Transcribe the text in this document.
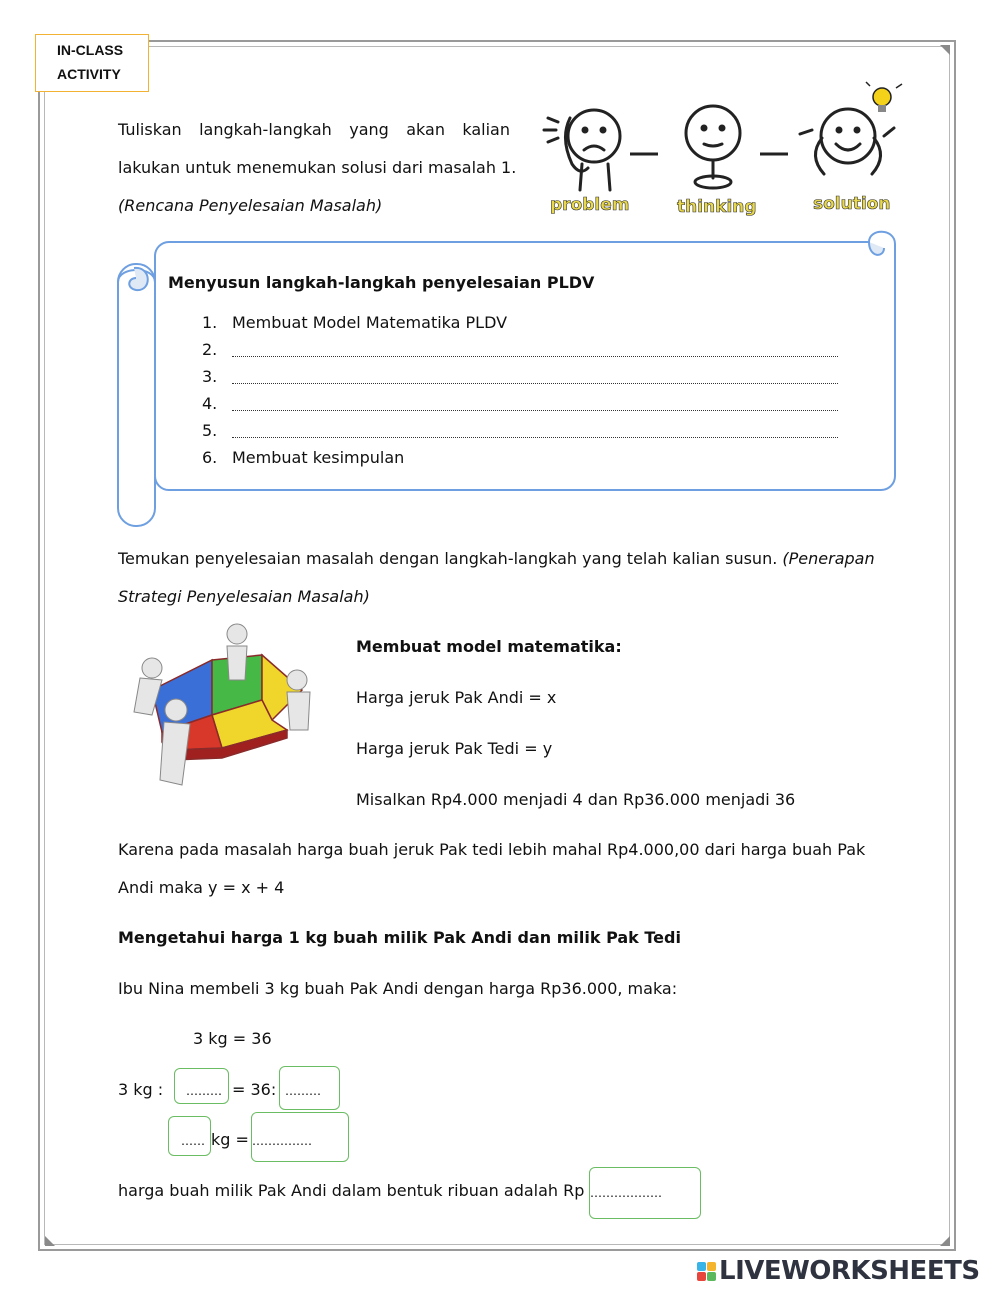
IN-CLASS
ACTIVITY
Tuliskan langkah-langkah yang akan kalian
lakukan untuk menemukan solusi dari masalah 1.
(Rencana Penyelesaian Masalah)	problem	thinking	solution
Menyusun langkah-langkah penyelesaian PLDV
1. Membuat Model Matematika PLDV
2.
3.
4.
5.
6. Membuat kesimpulan
Temukan penyelesaian masalah dengan langkah-langkah yang telah kalian susun. (Penerapan
Strategi Penyelesaian Masalah)
Membuat model matematika:
Harga jeruk Pak Andi = x
Harga jeruk Pak Tedi = y
Misalkan Rp4.000 menjadi 4 dan Rp36.000 menjadi 36
Karena pada masalah harga buah jeruk Pak tedi lebih mahal Rp4.000,00 dari harga buah Pak
Andi maka y = x + 4
Mengetahui harga 1 kg buah milik Pak Andi dan milik Pak Tedi
Ibu Nina membeli 3 kg buah Pak Andi dengan harga Rp36.000, maka:
3 kg = 36
3 kg : ……… = 36: ………
…… kg = ……………
harga buah milik Pak Andi dalam bentuk ribuan adalah Rp ………………
LIVEWORKSHEETS
